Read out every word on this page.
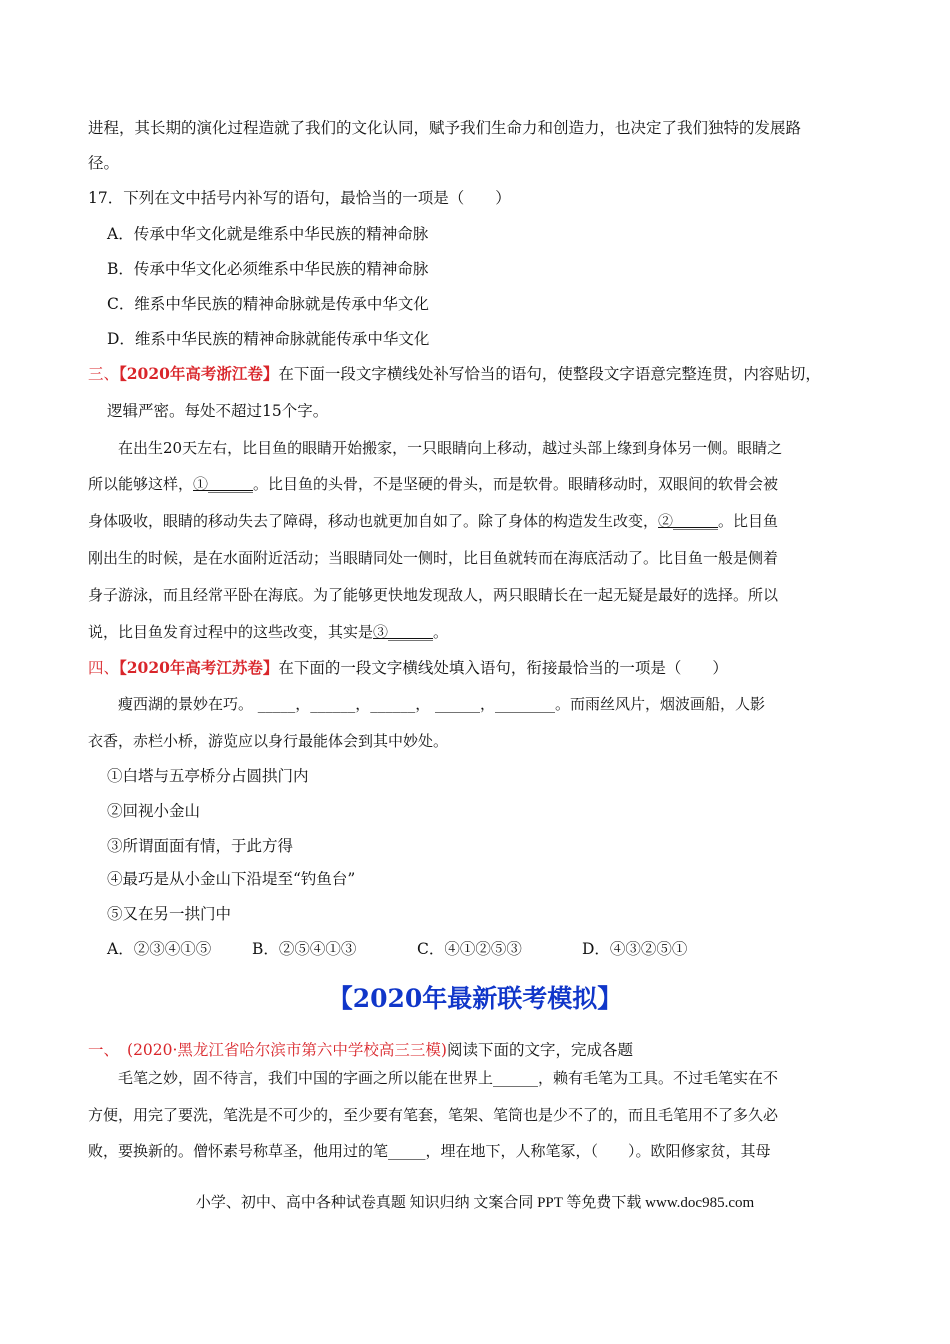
进程，其长期的演化过程造就了我们的文化认同，赋予我们生命力和创造力，也决定了我们独特的发展路
径。
17．下列在文中括号内补写的语句，最恰当的一项是（　　）
A．传承中华文化就是维系中华民族的精神命脉
B．传承中华文化必须维系中华民族的精神命脉
C．维系中华民族的精神命脉就是传承中华文化
D．维系中华民族的精神命脉就能传承中华文化
三、【2020年高考浙江卷】在下面一段文字横线处补写恰当的语句，使整段文字语意完整连贯，内容贴切，
逻辑严密。每处不超过15个字。
在出生20天左右，比目鱼的眼睛开始搬家，一只眼睛向上移动，越过头部上缘到身体另一侧。眼睛之
所以能够这样，①______。比目鱼的头骨，不是坚硬的骨头，而是软骨。眼睛移动时，双眼间的软骨会被
身体吸收，眼睛的移动失去了障碍，移动也就更加自如了。除了身体的构造发生改变，②______。比目鱼
刚出生的时候，是在水面附近活动；当眼睛同处一侧时，比目鱼就转而在海底活动了。比目鱼一般是侧着
身子游泳，而且经常平卧在海底。为了能够更快地发现敌人，两只眼睛长在一起无疑是最好的选择。所以
说，比目鱼发育过程中的这些改变，其实是③______。
四、【2020年高考江苏卷】在下面的一段文字横线处填入语句，衔接最恰当的一项是（　　）
瘦西湖的景妙在巧。 _____，______，______， ______，________。而雨丝风片，烟波画船，人影
衣香，赤栏小桥，游览应以身行最能体会到其中妙处。
①白塔与五亭桥分占圆拱门内
②回视小金山
③所谓面面有情，于此方得
④最巧是从小金山下沿堤至“钓鱼台”
⑤又在另一拱门中
A．②③④①⑤	B．②⑤④①③	C．④①②⑤③	D．④③②⑤①
【2020年最新联考模拟】
一、 (2020·黑龙江省哈尔滨市第六中学校高三三模)阅读下面的文字，完成各题
毛笔之妙，固不待言，我们中国的字画之所以能在世界上______，赖有毛笔为工具。不过毛笔实在不
方便，用完了要洗，笔洗是不可少的，至少要有笔套，笔架、笔筒也是少不了的，而且毛笔用不了多久必
败，要换新的。僧怀素号称草圣，他用过的笔_____，埋在地下，人称笔冢，（　　）。欧阳修家贫，其母
小学、初中、高中各种试卷真题 知识归纳 文案合同 PPT 等免费下载 www.doc985.com
